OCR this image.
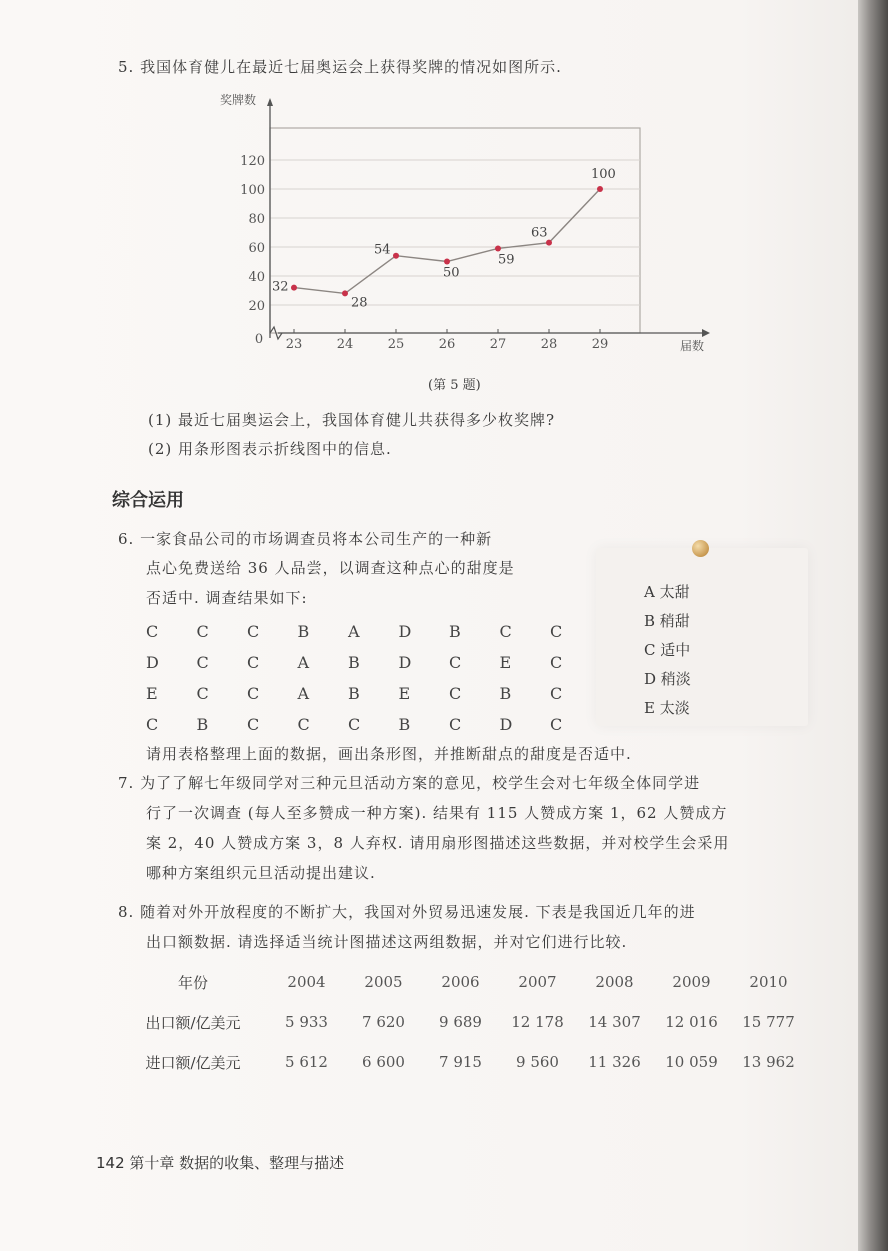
5. 我国体育健儿在最近七届奥运会上获得奖牌的情况如图所示.
20
40
60
80
100
120
0
奖牌数
届数
23	24	25	26	27	28	29
32
28
54
50
59
63
100
(第 5 题)
(1) 最近七届奥运会上，我国体育健儿共获得多少枚奖牌?
(2) 用条形图表示折线图中的信息.
综合运用
6. 一家食品公司的市场调查员将本公司生产的一种新
点心免费送给 36 人品尝，以调查这种点心的甜度是
否适中. 调查结果如下:
C	C	C	B	A	D	B	C	C
D	C	C	A	B	D	C	E	C
E	C	C	A	B	E	C	B	C
C	B	C	C	C	B	C	D	C
A 太甜
B 稍甜
C 适中
D 稍淡
E 太淡
请用表格整理上面的数据，画出条形图，并推断甜点的甜度是否适中.
7. 为了了解七年级同学对三种元旦活动方案的意见，校学生会对七年级全体同学进
行了一次调查 (每人至多赞成一种方案). 结果有 115 人赞成方案 1，62 人赞成方
案 2，40 人赞成方案 3，8 人弃权. 请用扇形图描述这些数据，并对校学生会采用
哪种方案组织元旦活动提出建议.
8. 随着对外开放程度的不断扩大，我国对外贸易迅速发展. 下表是我国近几年的进
出口额数据. 请选择适当统计图描述这两组数据，并对它们进行比较.
年份	2004	2005	2006	2007	2008	2009	2010
出口额/亿美元	5 933	7 620	9 689	12 178	14 307	12 016	15 777
进口额/亿美元	5 612	6 600	7 915	9 560	11 326	10 059	13 962
142 第十章 数据的收集、整理与描述
